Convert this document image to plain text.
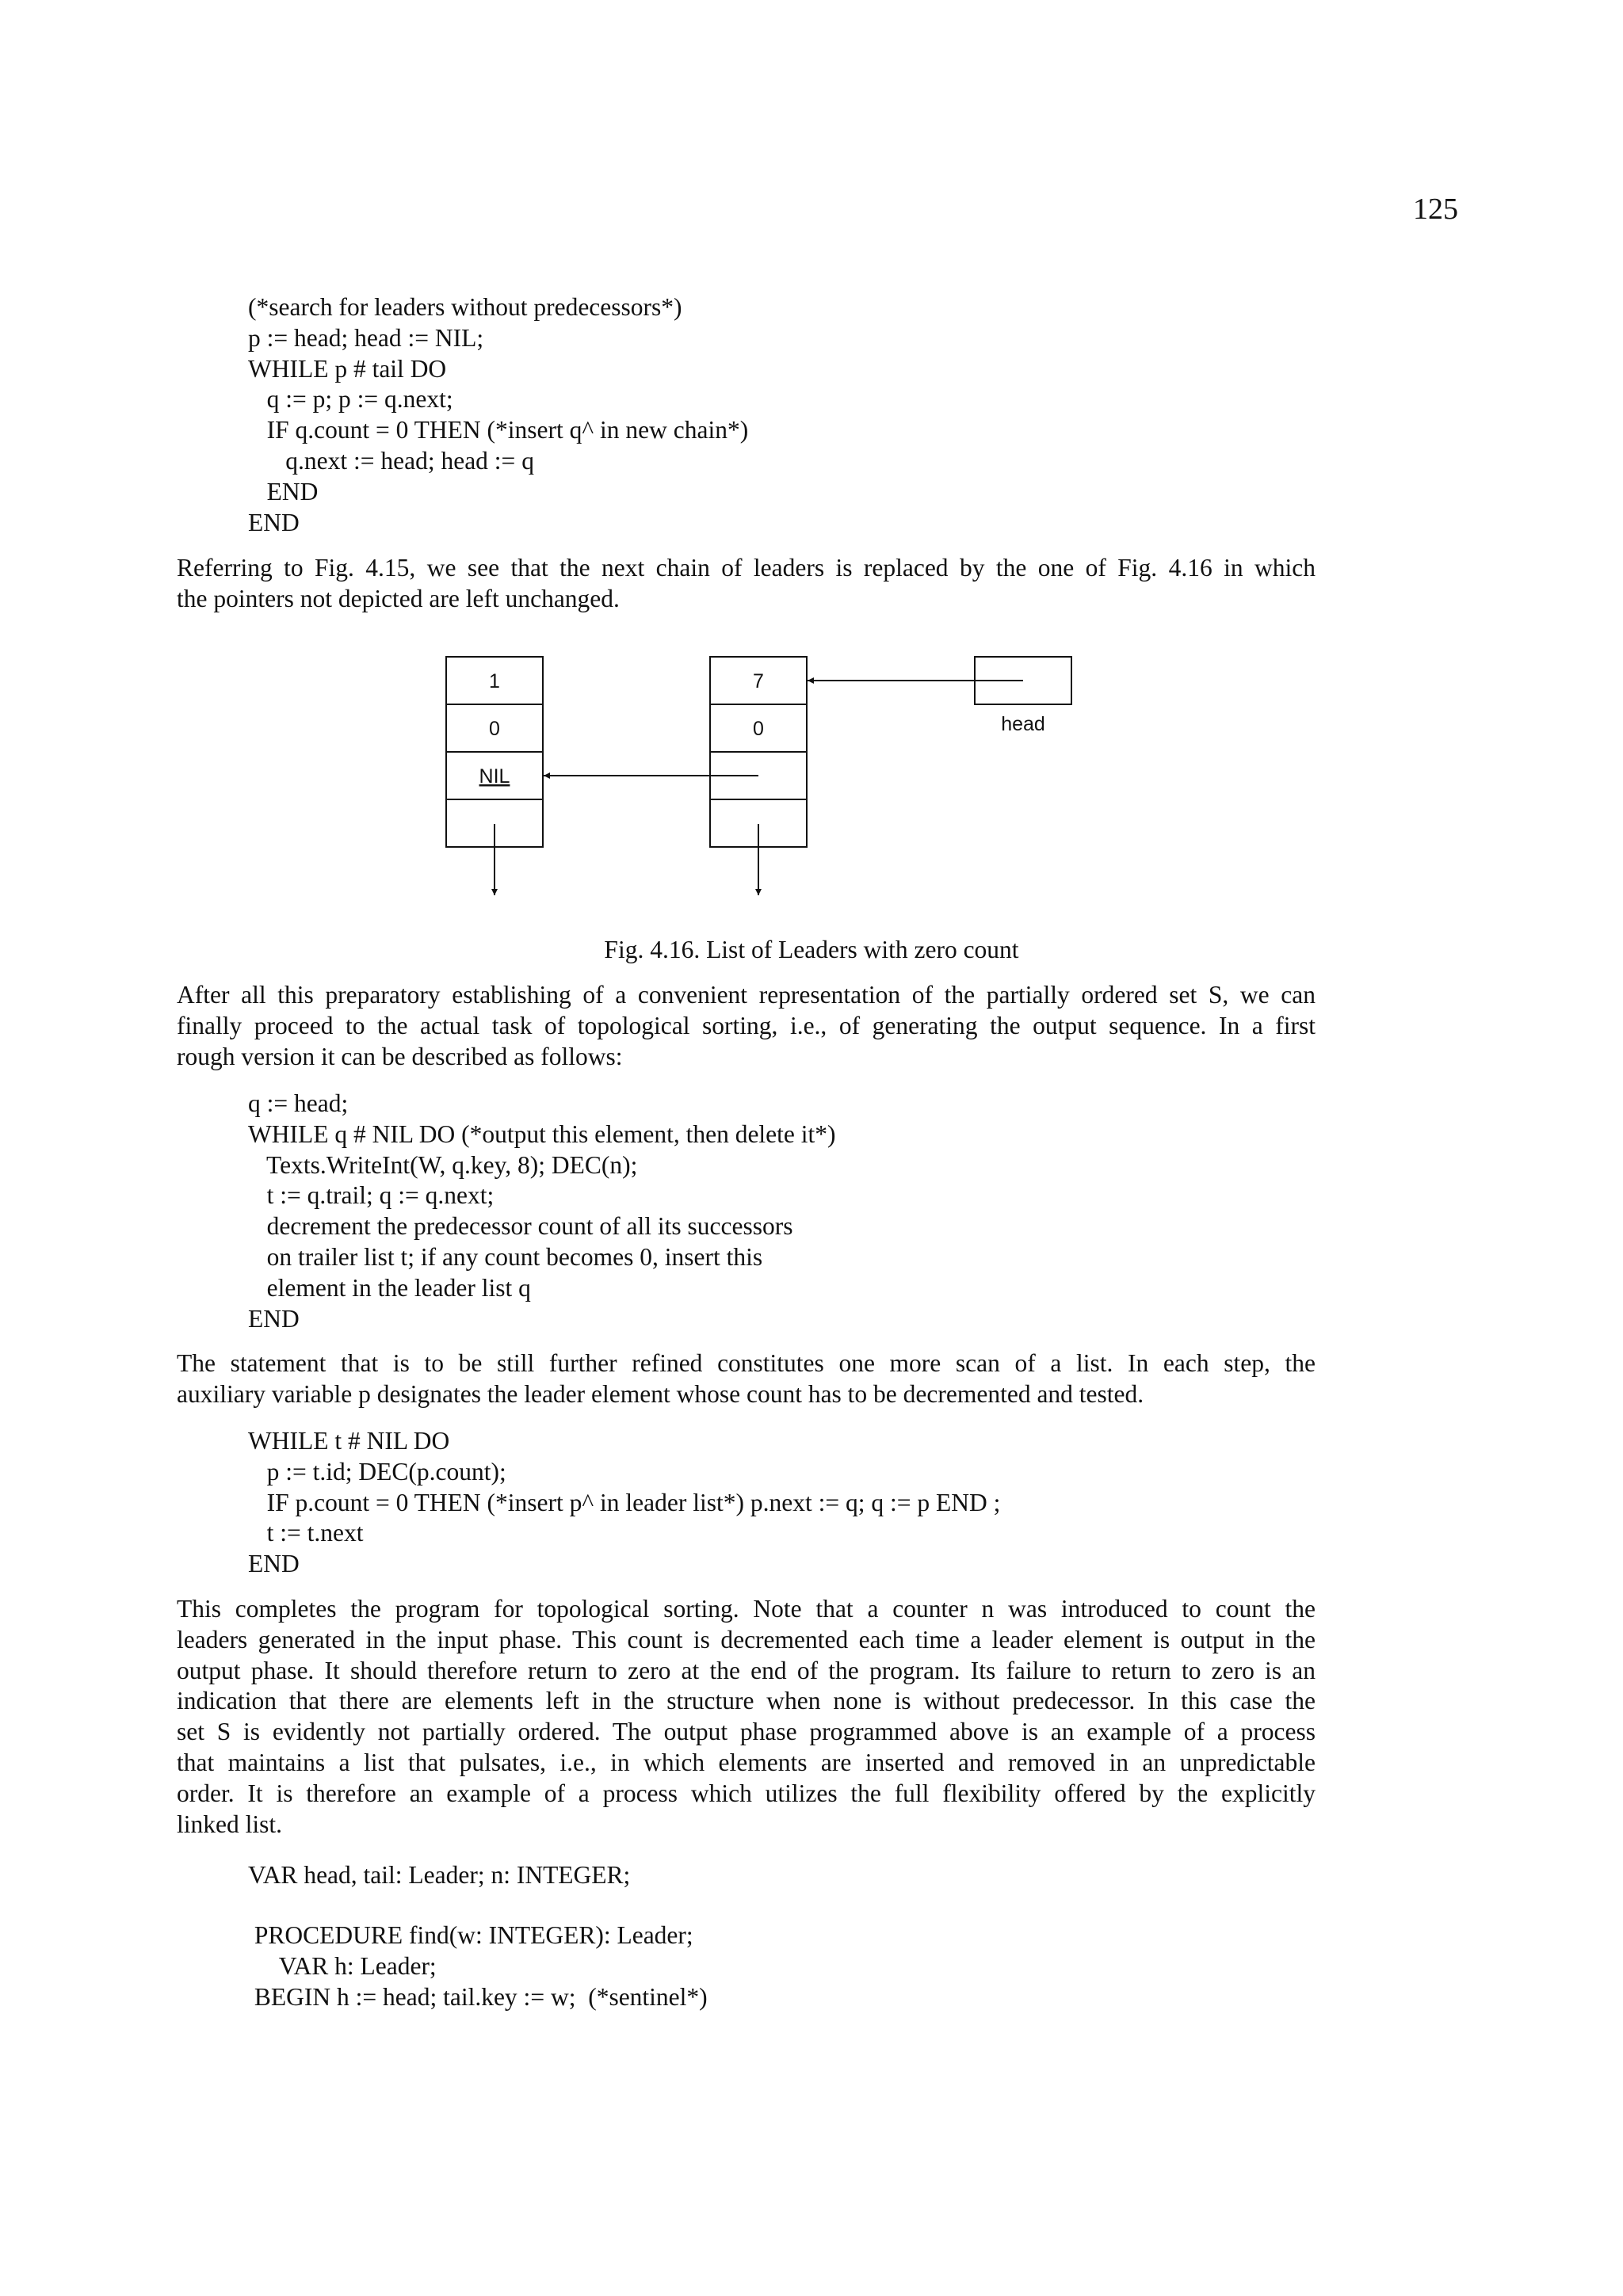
125
(*search for leaders without predecessors*)
p := head; head := NIL;
WHILE p # tail DO
q := p; p := q.next;
IF q.count = 0 THEN (*insert q^ in new chain*)
q.next := head; head := q
END
END
Referring to Fig. 4.15, we see that the next chain of leaders is replaced by the one of Fig. 4.16 in which
the pointers not depicted are left unchanged.
1
0
NIL
7
0	head
Fig. 4.16. List of Leaders with zero count
After all this preparatory establishing of a convenient representation of the partially ordered set S, we can
finally proceed to the actual task of topological sorting, i.e., of generating the output sequence. In a first
rough version it can be described as follows:
q := head;
WHILE q # NIL DO (*output this element, then delete it*)
Texts.WriteInt(W, q.key, 8); DEC(n);
t := q.trail; q := q.next;
decrement the predecessor count of all its successors
on trailer list t; if any count becomes 0, insert this
element in the leader list q
END
The statement that is to be still further refined constitutes one more scan of a list. In each step, the
auxiliary variable p designates the leader element whose count has to be decremented and tested.
WHILE t # NIL DO
p := t.id; DEC(p.count);
IF p.count = 0 THEN (*insert p^ in leader list*) p.next := q; q := p END ;
t := t.next
END
This completes the program for topological sorting. Note that a counter n was introduced to count the
leaders generated in the input phase. This count is decremented each time a leader element is output in the
output phase. It should therefore return to zero at the end of the program. Its failure to return to zero is an
indication that there are elements left in the structure when none is without predecessor. In this case the
set S is evidently not partially ordered. The output phase programmed above is an example of a process
that maintains a list that pulsates, i.e., in which elements are inserted and removed in an unpredictable
order. It is therefore an example of a process which utilizes the full flexibility offered by the explicitly
linked list.
VAR head, tail: Leader; n: INTEGER;
PROCEDURE find(w: INTEGER): Leader;
VAR h: Leader;
BEGIN h := head; tail.key := w;  (*sentinel*)
